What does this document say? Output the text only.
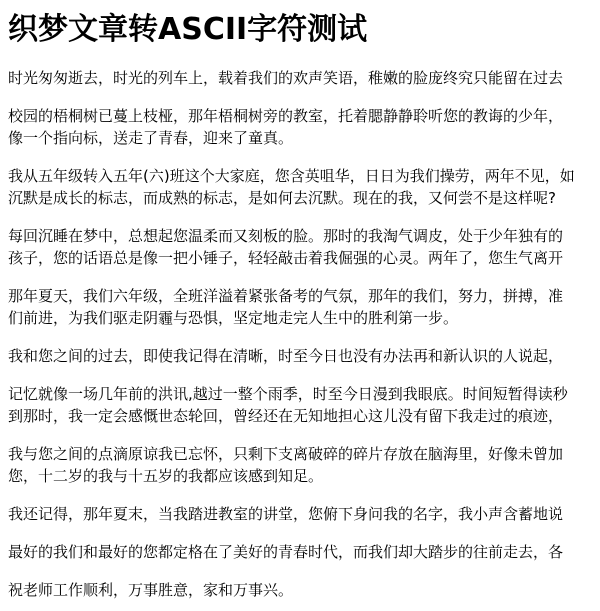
织梦文章转ASCII字符测试

时光匆匆逝去，时光的列车上，载着我们的欢声笑语，稚嫩的脸庞终究只能留在过去

校园的梧桐树已蔓上枝桠，那年梧桐树旁的教室，托着腮静静聆听您的教诲的少年，
像一个指向标，送走了青春，迎来了童真。

我从五年级转入五年(六)班这个大家庭，您含英咀华，日日为我们操劳，两年不见，如
沉默是成长的标志，而成熟的标志，是如何去沉默。现在的我，又何尝不是这样呢?

每回沉睡在梦中，总想起您温柔而又刻板的脸。那时的我淘气调皮，处于少年独有的
孩子，您的话语总是像一把小锤子，轻轻敲击着我倔强的心灵。两年了，您生气离开

那年夏天，我们六年级，全班洋溢着紧张备考的气氛，那年的我们，努力，拼搏，准
们前进，为我们驱走阴霾与恐惧，坚定地走完人生中的胜利第一步。

我和您之间的过去，即使我记得在清晰，时至今日也没有办法再和新认识的人说起，

记忆就像一场几年前的洪讯,越过一整个雨季，时至今日漫到我眼底。时间短暂得读秒
到那时，我一定会感慨世态轮回，曾经还在无知地担心这儿没有留下我走过的痕迹，

我与您之间的点滴原谅我已忘怀，只剩下支离破碎的碎片存放在脑海里，好像未曾加
您，十二岁的我与十五岁的我都应该感到知足。

我还记得，那年夏末，当我踏进教室的讲堂，您俯下身问我的名字，我小声含蓄地说

最好的我们和最好的您都定格在了美好的青春时代，而我们却大踏步的往前走去，各

祝老师工作顺利，万事胜意，家和万事兴。
